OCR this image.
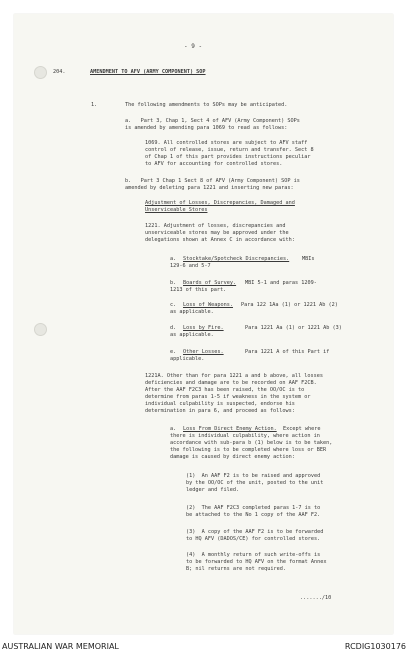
- 9 -
204.	AMENDMENT TO AFV (ARMY COMPONENT) SOP
1.	The following amendments to SOPs may be anticipated.
a.   Part 3, Chap 1, Sect 4 of AFV (Army Component) SOPs
is amended by amending para 1069 to read as follows:
1069. All controlled stores are subject to AFV staff
control of release, issue, return and transfer. Sect 8
of Chap 1 of this part provides instructions peculiar
to AFV for accounting for controlled stores.
b.   Part 3 Chap 1 Sect 8 of AFV (Army Component) SOP is
amended by deleting para 1221 and inserting new paras:
Adjustment of Losses, Discrepancies, Damaged and
Unserviceable Stores
1221. Adjustment of losses, discrepancies and
unserviceable stores may be approved under the
delegations shown at Annex C in accordance with:
a. Stocktake/Spotcheck Discrepancies. MBIs
129-6 and 5-7
b. Boards of Survey. MBI 5-1 and paras 1209-
1213 of this part.
c. Loss of Weapons. Para 122 1Aa (1) or 1221 Ab (2)
as applicable.
d. Loss by Fire.	Para 1221 Aa (1) or 1221 Ab (3)
as applicable.
e. Other Losses.	Para 1221 A of this Part if
applicable.
1221A. Other than for para 1221 a and b above, all losses
deficiencies and damage are to be recorded on AAF F2CB.
After the AAF F2C3 has been raised, the OO/OC is to
determine from paras 1-5 if weakness in the system or
individual culpability is suspected, endorse his
determination in para 6, and proceed as follows:
a. Loss From Direct Enemy Action. Except where
there is individual culpability, where action in
accordance with sub-para b (1) below is to be taken,
the following is to be completed where loss or BER
damage is caused by direct enemy action:
(1)  An AAF F2 is to be raised and approved
by the OO/OC of the unit, posted to the unit
ledger and filed.
(2)  The AAF F2C3 completed paras 1-7 is to
be attached to the No 1 copy of the AAF F2.
(3)  A copy of the AAF F2 is to be forwarded
to HQ AFV (DADOS/CE) for controlled stores.
(4)  A monthly return of such write-offs is
to be forwarded to HQ AFV on the format Annex
B; nil returns are not required.
......./10
AUSTRALIAN WAR MEMORIAL	RCDIG1030176
